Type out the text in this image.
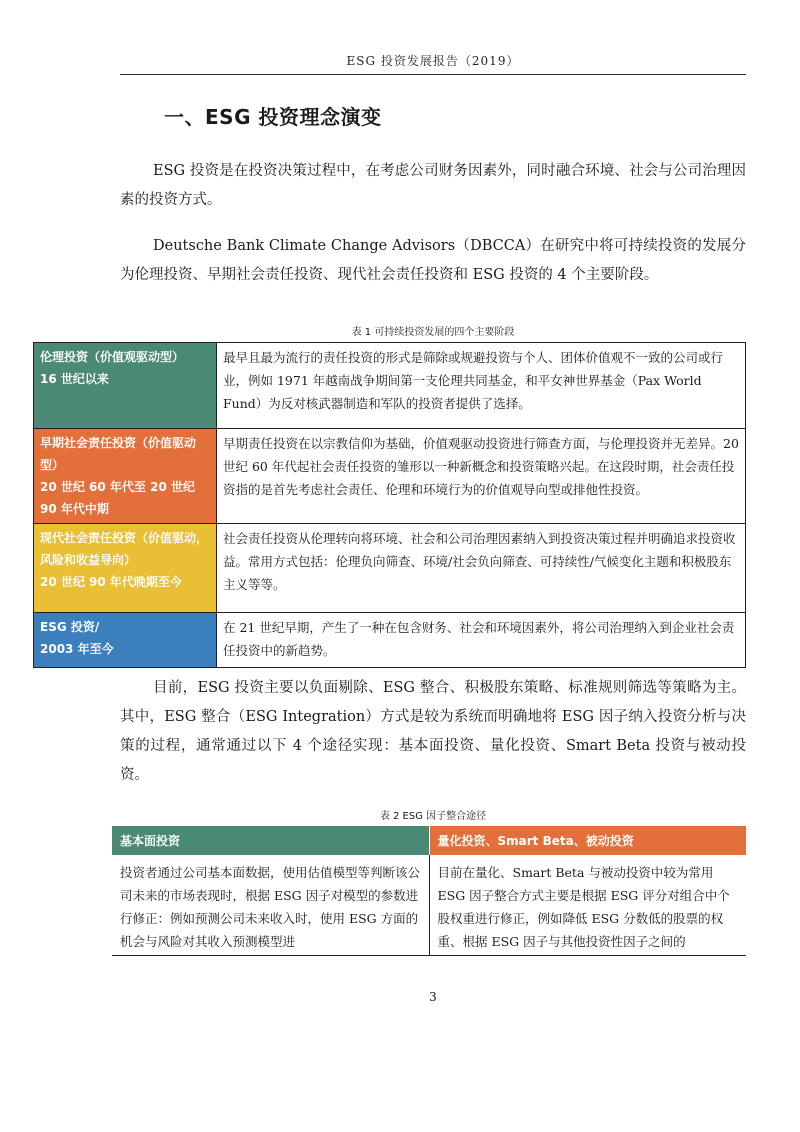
ESG 投资发展报告（2019）
一、ESG 投资理念演变

ESG 投资是在投资决策过程中，在考虑公司财务因素外，同时融合环境、社会与公司治理因素的投资方式。

Deutsche Bank Climate Change Advisors（DBCCA）在研究中将可持续投资的发展分为伦理投资、早期社会责任投资、现代社会责任投资和 ESG 投资的 4 个主要阶段。

表 1 可持续投资发展的四个主要阶段

伦理投资（价值观驱动型）
16 世纪以来	最早且最为流行的责任投资的形式是筛除或规避投资与个人、团体价值观不一致的公司或行业，例如 1971 年越南战争期间第一支伦理共同基金，和平女神世界基金（Pax World Fund）为反对核武器制造和军队的投资者提供了选择。

早期社会责任投资（价值驱动型）
20 世纪 60 年代至 20 世纪 90 年代中期	早期责任投资在以宗教信仰为基础，价值观驱动投资进行筛查方面，与伦理投资并无差异。20 世纪 60 年代起社会责任投资的雏形以一种新概念和投资策略兴起。在这段时期，社会责任投资指的是首先考虑社会责任、伦理和环境行为的价值观导向型或排他性投资。

现代社会责任投资（价值驱动，风险和收益导向）
20 世纪 90 年代晚期至今	社会责任投资从伦理转向将环境、社会和公司治理因素纳入到投资决策过程并明确追求投资收益。常用方式包括：伦理负向筛查、环境/社会负向筛查、可持续性/气候变化主题和积极股东主义等等。

ESG 投资/
2003 年至今	在 21 世纪早期，产生了一种在包含财务、社会和环境因素外，将公司治理纳入到企业社会责任投资中的新趋势。

目前，ESG 投资主要以负面剔除、ESG 整合、积极股东策略、标准规则筛选等策略为主。其中，ESG 整合（ESG Integration）方式是较为系统而明确地将 ESG 因子纳入投资分析与决策的过程，通常通过以下 4 个途径实现：基本面投资、量化投资、Smart Beta 投资与被动投资。

表 2 ESG 因子整合途径

基本面投资	量化投资、Smart Beta、被动投资
投资者通过公司基本面数据，使用估值模型等判断该公司未来的市场表现时，根据 ESG 因子对模型的参数进行修正：例如预测公司未来收入时，使用 ESG 方面的机会与风险对其收入预测模型进	目前在量化、Smart Beta 与被动投资中较为常用 ESG 因子整合方式主要是根据 ESG 评分对组合中个股权重进行修正，例如降低 ESG 分数低的股票的权重、根据 ESG 因子与其他投资性因子之间的
3
